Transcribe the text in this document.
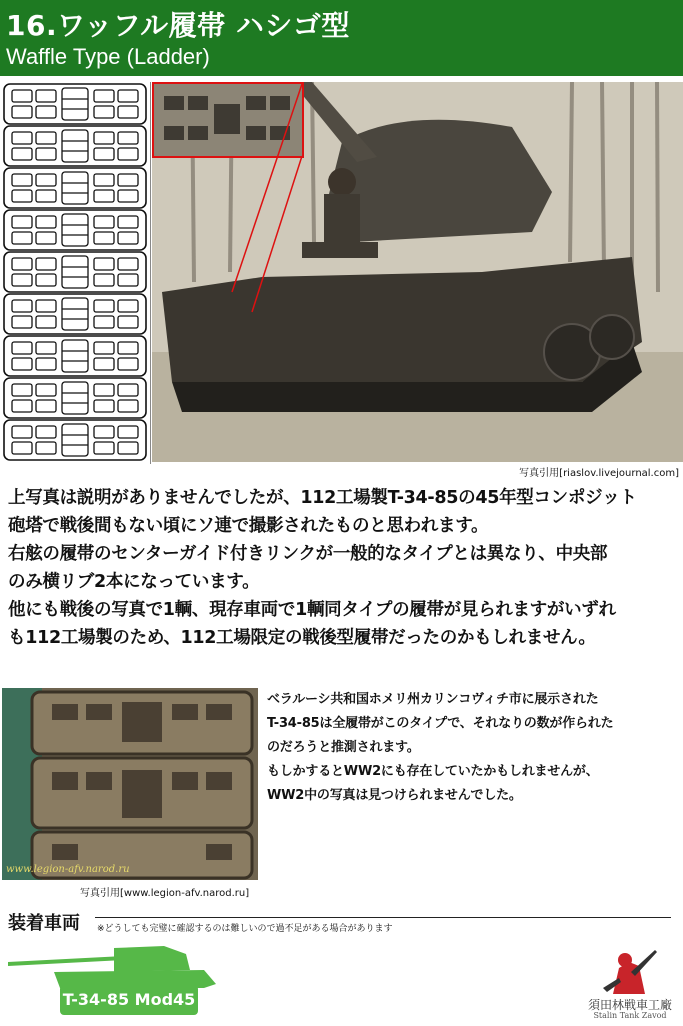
16.ワッフル履帯 ハシゴ型
Waffle Type (Ladder)
写真引用[riaslov.livejournal.com]

上写真は説明がありませんでしたが、112工場製T-34-85の45年型コンポジット

砲塔で戦後間もない頃にソ連で撮影されたものと思われます。

右舷の履帯のセンターガイド付きリンクが一般的なタイプとは異なり、中央部

のみ横リブ2本になっています。

他にも戦後の写真で1輌、現存車両で1輌同タイプの履帯が見られますがいずれ

も112工場製のため、112工場限定の戦後型履帯だったのかもしれません。

www.legion-afv.narod.ru
写真引用[www.legion-afv.narod.ru]

ベラルーシ共和国ホメリ州カリンコヴィチ市に展示された

T-34-85は全履帯がこのタイプで、それなりの数が作られた

のだろうと推測されます。

もしかするとWW2にも存在していたかもしれませんが、

WW2中の写真は見つけられませんでした。

装着車両 ※どうしても完璧に確認するのは難しいので過不足がある場合があります
T-34-85 Mod45	須田林戦車工廠
Stalin Tank Zavod
